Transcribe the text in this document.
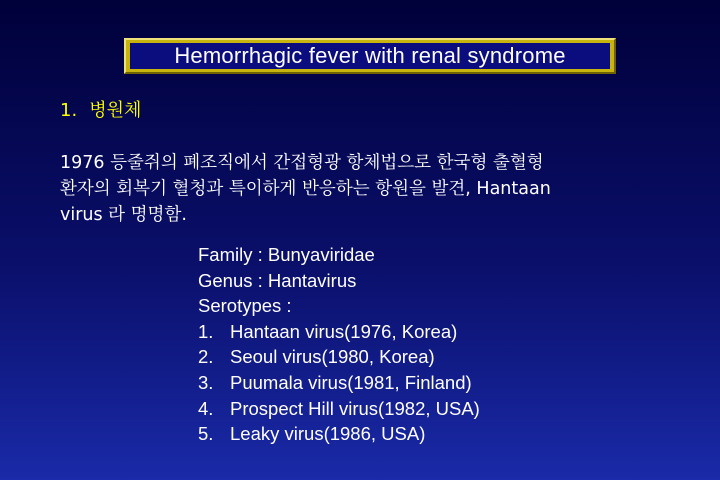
Hemorrhagic fever with renal syndrome
1. 병원체
1976 등줄쥐의 폐조직에서 간접형광 항체법으로 한국형 출혈형
환자의 회복기 혈청과 특이하게 반응하는 항원을 발견, Hantaan
virus 라 명명함.
Family : Bunyaviridae
Genus : Hantavirus
Serotypes :
1. Hantaan virus(1976, Korea)
2. Seoul virus(1980, Korea)
3. Puumala virus(1981, Finland)
4. Prospect Hill virus(1982, USA)
5. Leaky virus(1986, USA)
